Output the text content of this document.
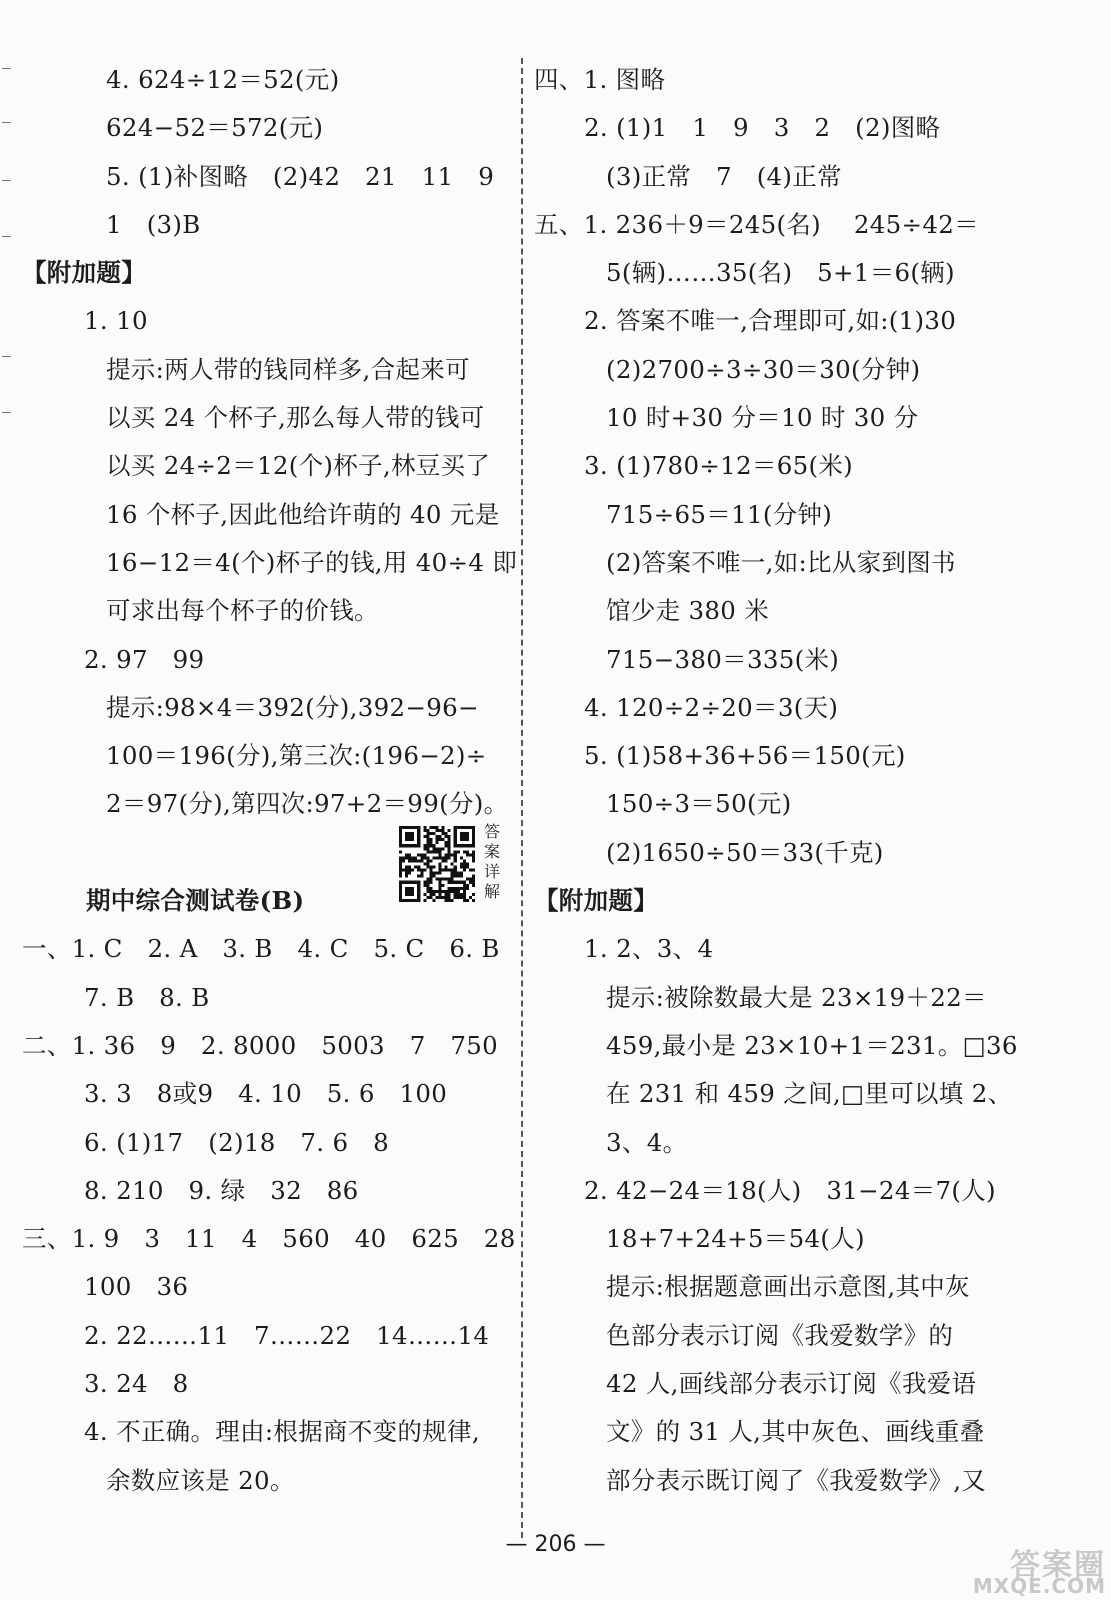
4. 624÷12＝52(元)
624−52＝572(元)
5. (1)补图略　(2)42　21　11　9
1　(3)B
【附加题】
1. 10
提示:两人带的钱同样多,合起来可
以买 24 个杯子,那么每人带的钱可
以买 24÷2＝12(个)杯子,林豆买了
16 个杯子,因此他给许萌的 40 元是
16−12＝4(个)杯子的钱,用 40÷4 即
可求出每个杯子的价钱。
2. 97　99
提示:98×4＝392(分),392−96−
100＝196(分),第三次:(196−2)÷
2＝97(分),第四次:97+2＝99(分)。
期中综合测试卷(B)
一、1. C　2. A　3. B　4. C　5. C　6. B
7. B　8. B
二、1. 36　9　2. 8000　5003　7　750
3. 3　8或9　4. 10　5. 6　100
6. (1)17　(2)18　7. 6　8
8. 210　9. 绿　32　86
三、1. 9　3　11　4　560　40　625　28
100　36
2. 22……11　7……22　14……14
3. 24　8
4. 不正确。理由:根据商不变的规律,
余数应该是 20。
四、1. 图略
2. (1)1　1　9　3　2　(2)图略
(3)正常　7　(4)正常
五、1. 236＋9＝245(名)　 245÷42＝
5(辆)……35(名)　5+1＝6(辆)
2. 答案不唯一,合理即可,如:(1)30
(2)2700÷3÷30＝30(分钟)
10 时+30 分＝10 时 30 分
3. (1)780÷12＝65(米)
715÷65＝11(分钟)
(2)答案不唯一,如:比从家到图书
馆少走 380 米
715−380＝335(米)
4. 120÷2÷20＝3(天)
5. (1)58+36+56＝150(元)
150÷3＝50(元)
(2)1650÷50＝33(千克)
【附加题】
1. 2、3、4
提示:被除数最大是 23×19＋22＝
459,最小是 23×10+1＝231。□36
在 231 和 459 之间,□里可以填 2、
3、4。
2. 42−24＝18(人)　31−24＝7(人)
18+7+24+5＝54(人)
提示:根据题意画出示意图,其中灰
色部分表示订阅《我爱数学》的
42 人,画线部分表示订阅《我爱语
文》的 31 人,其中灰色、画线重叠
部分表示既订阅了《我爱数学》,又
答
案
详
解
— 206 —
答案圈
MXQE.COM
